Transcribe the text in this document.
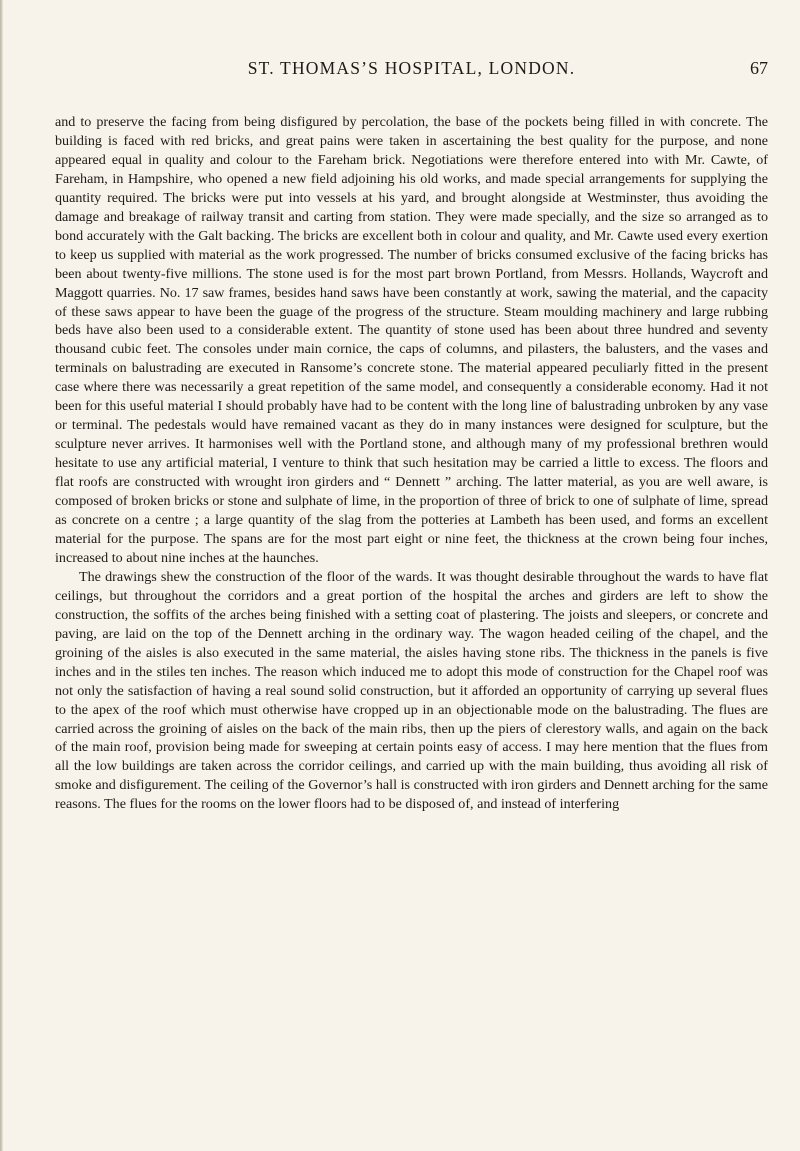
ST. THOMAS’S HOSPITAL, LONDON.	67

and to preserve the facing from being disfigured by percolation, the base of the pockets being filled in with concrete. The building is faced with red bricks, and great pains were taken in ascertaining the best quality for the purpose, and none appeared equal in quality and colour to the Fareham brick. Negotiations were therefore entered into with Mr. Cawte, of Fareham, in Hampshire, who opened a new field adjoining his old works, and made special arrangements for supplying the quantity required. The bricks were put into vessels at his yard, and brought alongside at Westminster, thus avoiding the damage and breakage of railway transit and carting from station. They were made specially, and the size so arranged as to bond accurately with the Galt backing. The bricks are excellent both in colour and quality, and Mr. Cawte used every exertion to keep us supplied with material as the work progressed. The number of bricks consumed exclusive of the facing bricks has been about twenty-five millions. The stone used is for the most part brown Portland, from Messrs. Hollands, Waycroft and Maggott quarries. No. 17 saw frames, besides hand saws have been constantly at work, sawing the material, and the capacity of these saws appear to have been the guage of the progress of the structure. Steam moulding machinery and large rubbing beds have also been used to a considerable extent. The quantity of stone used has been about three hundred and seventy thousand cubic feet. The consoles under main cornice, the caps of columns, and pilasters, the balusters, and the vases and terminals on balustrading are executed in Ransome’s concrete stone. The material appeared peculiarly fitted in the present case where there was necessarily a great repetition of the same model, and consequently a considerable economy. Had it not been for this useful material I should probably have had to be content with the long line of balustrading unbroken by any vase or terminal. The pedestals would have remained vacant as they do in many instances were designed for sculpture, but the sculpture never arrives. It harmonises well with the Portland stone, and although many of my professional brethren would hesitate to use any artificial material, I venture to think that such hesitation may be carried a little to excess. The floors and flat roofs are constructed with wrought iron girders and “ Dennett ” arching. The latter material, as you are well aware, is composed of broken bricks or stone and sulphate of lime, in the proportion of three of brick to one of sulphate of lime, spread as concrete on a centre ; a large quantity of the slag from the potteries at Lambeth has been used, and forms an excellent material for the purpose. The spans are for the most part eight or nine feet, the thickness at the crown being four inches, increased to about nine inches at the haunches.

The drawings shew the construction of the floor of the wards. It was thought desirable throughout the wards to have flat ceilings, but throughout the corridors and a great portion of the hospital the arches and girders are left to show the construction, the soffits of the arches being finished with a setting coat of plastering. The joists and sleepers, or concrete and paving, are laid on the top of the Dennett arching in the ordinary way. The wagon headed ceiling of the chapel, and the groining of the aisles is also executed in the same material, the aisles having stone ribs. The thickness in the panels is five inches and in the stiles ten inches. The reason which induced me to adopt this mode of construction for the Chapel roof was not only the satisfaction of having a real sound solid construction, but it afforded an opportunity of carrying up several flues to the apex of the roof which must otherwise have cropped up in an objectionable mode on the balustrading. The flues are carried across the groining of aisles on the back of the main ribs, then up the piers of clerestory walls, and again on the back of the main roof, provision being made for sweeping at certain points easy of access. I may here mention that the flues from all the low buildings are taken across the corridor ceilings, and carried up with the main building, thus avoiding all risk of smoke and disfigurement. The ceiling of the Governor’s hall is constructed with iron girders and Dennett arching for the same reasons. The flues for the rooms on the lower floors had to be disposed of, and instead of interfering
